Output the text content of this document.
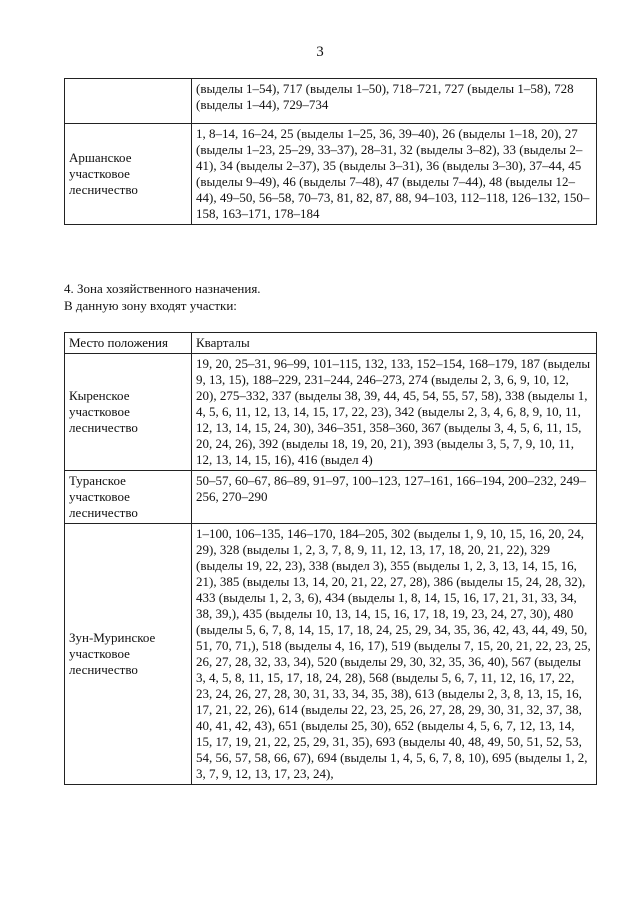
3
	(выделы 1–54), 717 (выделы 1–50), 718–721, 727 (выделы 1–58), 728 (выделы 1–44), 729–734
Аршанское участковое лесничество	1, 8–14, 16–24, 25 (выделы 1–25, 36, 39–40), 26 (выделы 1–18, 20), 27 (выделы 1–23, 25–29, 33–37), 28–31, 32 (выделы 3–82), 33 (выделы 2–41), 34 (выделы 2–37), 35 (выделы 3–31), 36 (выделы 3–30), 37–44, 45 (выделы 9–49), 46 (выделы 7–48), 47 (выделы 7–44), 48 (выделы 12–44), 49–50, 56–58, 70–73, 81, 82, 87, 88, 94–103, 112–118, 126–132, 150–158, 163–171, 178–184
4. Зона хозяйственного назначения.
В данную зону входят участки:
Место положения	Кварталы
Кыренское участковое лесничество	19, 20, 25–31, 96–99, 101–115, 132, 133, 152–154, 168–179, 187 (выделы 9, 13, 15), 188–229, 231–244, 246–273, 274 (выделы 2, 3, 6, 9, 10, 12, 20), 275–332, 337 (выделы 38, 39, 44, 45, 54, 55, 57, 58), 338 (выделы 1, 4, 5, 6, 11, 12, 13, 14, 15, 17, 22, 23), 342 (выделы 2, 3, 4, 6, 8, 9, 10, 11, 12, 13, 14, 15, 24, 30), 346–351, 358–360, 367 (выделы 3, 4, 5, 6, 11, 15, 20, 24, 26), 392 (выделы 18, 19, 20, 21), 393 (выделы 3, 5, 7, 9, 10, 11, 12, 13, 14, 15, 16), 416 (выдел 4)
Туранское участковое лесничество	50–57, 60–67, 86–89, 91–97, 100–123, 127–161, 166–194, 200–232, 249–256, 270–290
Зун-Муринское участковое лесничество	1–100, 106–135, 146–170, 184–205, 302 (выделы 1, 9, 10, 15, 16, 20, 24, 29), 328 (выделы 1, 2, 3, 7, 8, 9, 11, 12, 13, 17, 18, 20, 21, 22), 329 (выделы 19, 22, 23), 338 (выдел 3), 355 (выделы 1, 2, 3, 13, 14, 15, 16, 21), 385 (выделы 13, 14, 20, 21, 22, 27, 28), 386 (выделы 15, 24, 28, 32), 433 (выделы 1, 2, 3, 6), 434 (выделы 1, 8, 14, 15, 16, 17, 21, 31, 33, 34, 38, 39,), 435 (выделы 10, 13, 14, 15, 16, 17, 18, 19, 23, 24, 27, 30), 480 (выделы 5, 6, 7, 8, 14, 15, 17, 18, 24, 25, 29, 34, 35, 36, 42, 43, 44, 49, 50, 51, 70, 71,), 518 (выделы 4, 16, 17), 519 (выделы 7, 15, 20, 21, 22, 23, 25, 26, 27, 28, 32, 33, 34), 520 (выделы 29, 30, 32, 35, 36, 40), 567 (выделы 3, 4, 5, 8, 11, 15, 17, 18, 24, 28), 568 (выделы 5, 6, 7, 11, 12, 16, 17, 22, 23, 24, 26, 27, 28, 30, 31, 33, 34, 35, 38), 613 (выделы 2, 3, 8, 13, 15, 16, 17, 21, 22, 26), 614 (выделы 22, 23, 25, 26, 27, 28, 29, 30, 31, 32, 37, 38, 40, 41, 42, 43), 651 (выделы 25, 30), 652 (выделы 4, 5, 6, 7, 12, 13, 14, 15, 17, 19, 21, 22, 25, 29, 31, 35), 693 (выделы 40, 48, 49, 50, 51, 52, 53, 54, 56, 57, 58, 66, 67), 694 (выделы 1, 4, 5, 6, 7, 8, 10), 695 (выделы 1, 2, 3, 7, 9, 12, 13, 17, 23, 24),
